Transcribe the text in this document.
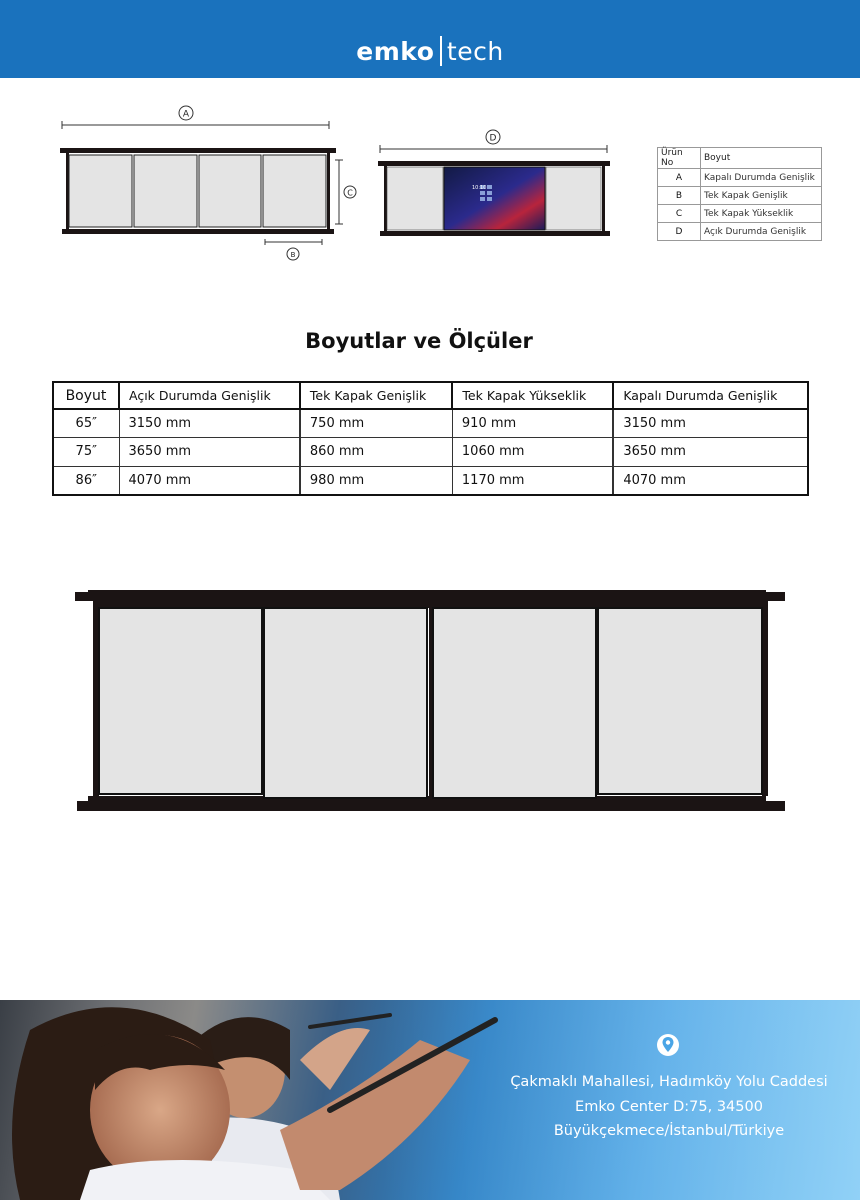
emko tech
10:10
A
C
B
D
Ürün No	Boyut
A	Kapalı Durumda Genişlik
B	Tek Kapak Genişlik
C	Tek Kapak Yükseklik
D	Açık Durumda Genişlik
Boyutlar ve Ölçüler
Boyut	Açık Durumda Genişlik	Tek Kapak Genişlik	Tek Kapak Yükseklik	Kapalı Durumda Genişlik
65″	3150 mm	750 mm	910 mm	3150 mm
75″	3650 mm	860 mm	1060 mm	3650 mm
86″	4070 mm	980 mm	1170 mm	4070 mm
Çakmaklı Mahallesi, Hadımköy Yolu Caddesi
Emko Center D:75, 34500
Büyükçekmece/İstanbul/Türkiye
